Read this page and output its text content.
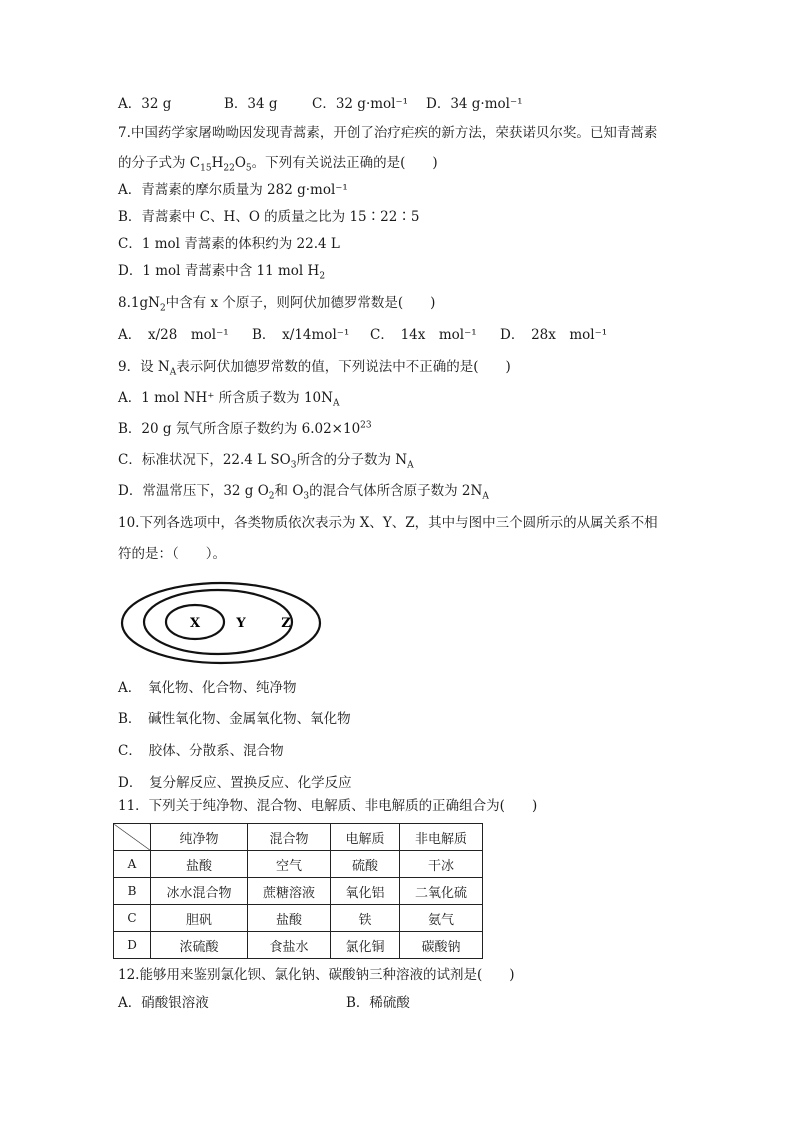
A．32 g	B．34 g	C．32 g·mol⁻¹ D．34 g·mol⁻¹
7.中国药学家屠呦呦因发现青蒿素，开创了治疗疟疾的新方法，荣获诺贝尔奖。已知青蒿素
的分子式为 $C_{15}H_{22}O_5$。下列有关说法正确的是(　　)
A．青蒿素的摩尔质量为 282 g·mol⁻¹
B．青蒿素中 C、H、O 的质量之比为 15∶22∶5
C．1 mol 青蒿素的体积约为 22.4 L
D．1 mol 青蒿素中含 11 mol $H_2$
$8.1gN_2$中含有 x 个原子，则阿伏加德罗常数是(　　)
A．　x/28　mol⁻¹ B．　x/14mol⁻¹ C．　14x　mol⁻¹ D．　28x　mol⁻¹
9．设 $N_A$表示阿伏加德罗常数的值，下列说法中不正确的是(　　)
A．1 mol NH⁺ 所含质子数为 $10N_A$
B．20 g 氖气所含原子数约为 $6.02\times 10^{23}$
C．标准状况下，22.4 L $SO_3$所含的分子数为 $N_A$
D．常温常压下，32 g $O_2$和 $O_3$的混合气体所含原子数为 $2N_A$
10.下列各选项中，各类物质依次表示为 X、Y、Z，其中与图中三个圆所示的从属关系不相
符的是：（　　）。
X	Y	Z
A．　氧化物、化合物、纯净物
B．　碱性氧化物、金属氧化物、氧化物
C．　胶体、分散系、混合物
D．　复分解反应、置换反应、化学反应
11．下列关于纯净物、混合物、电解质、非电解质的正确组合为(　　)
	纯净物	混合物	电解质	非电解质
A	盐酸	空气	硫酸	干冰
B	冰水混合物	蔗糖溶液	氧化铝	二氧化硫
C	胆矾	盐酸	铁	氨气
D	浓硫酸	食盐水	氯化铜	碳酸钠
12.能够用来鉴别氯化钡、氯化钠、碳酸钠三种溶液的试剂是(　　)
A．硝酸银溶液	B．稀硫酸
